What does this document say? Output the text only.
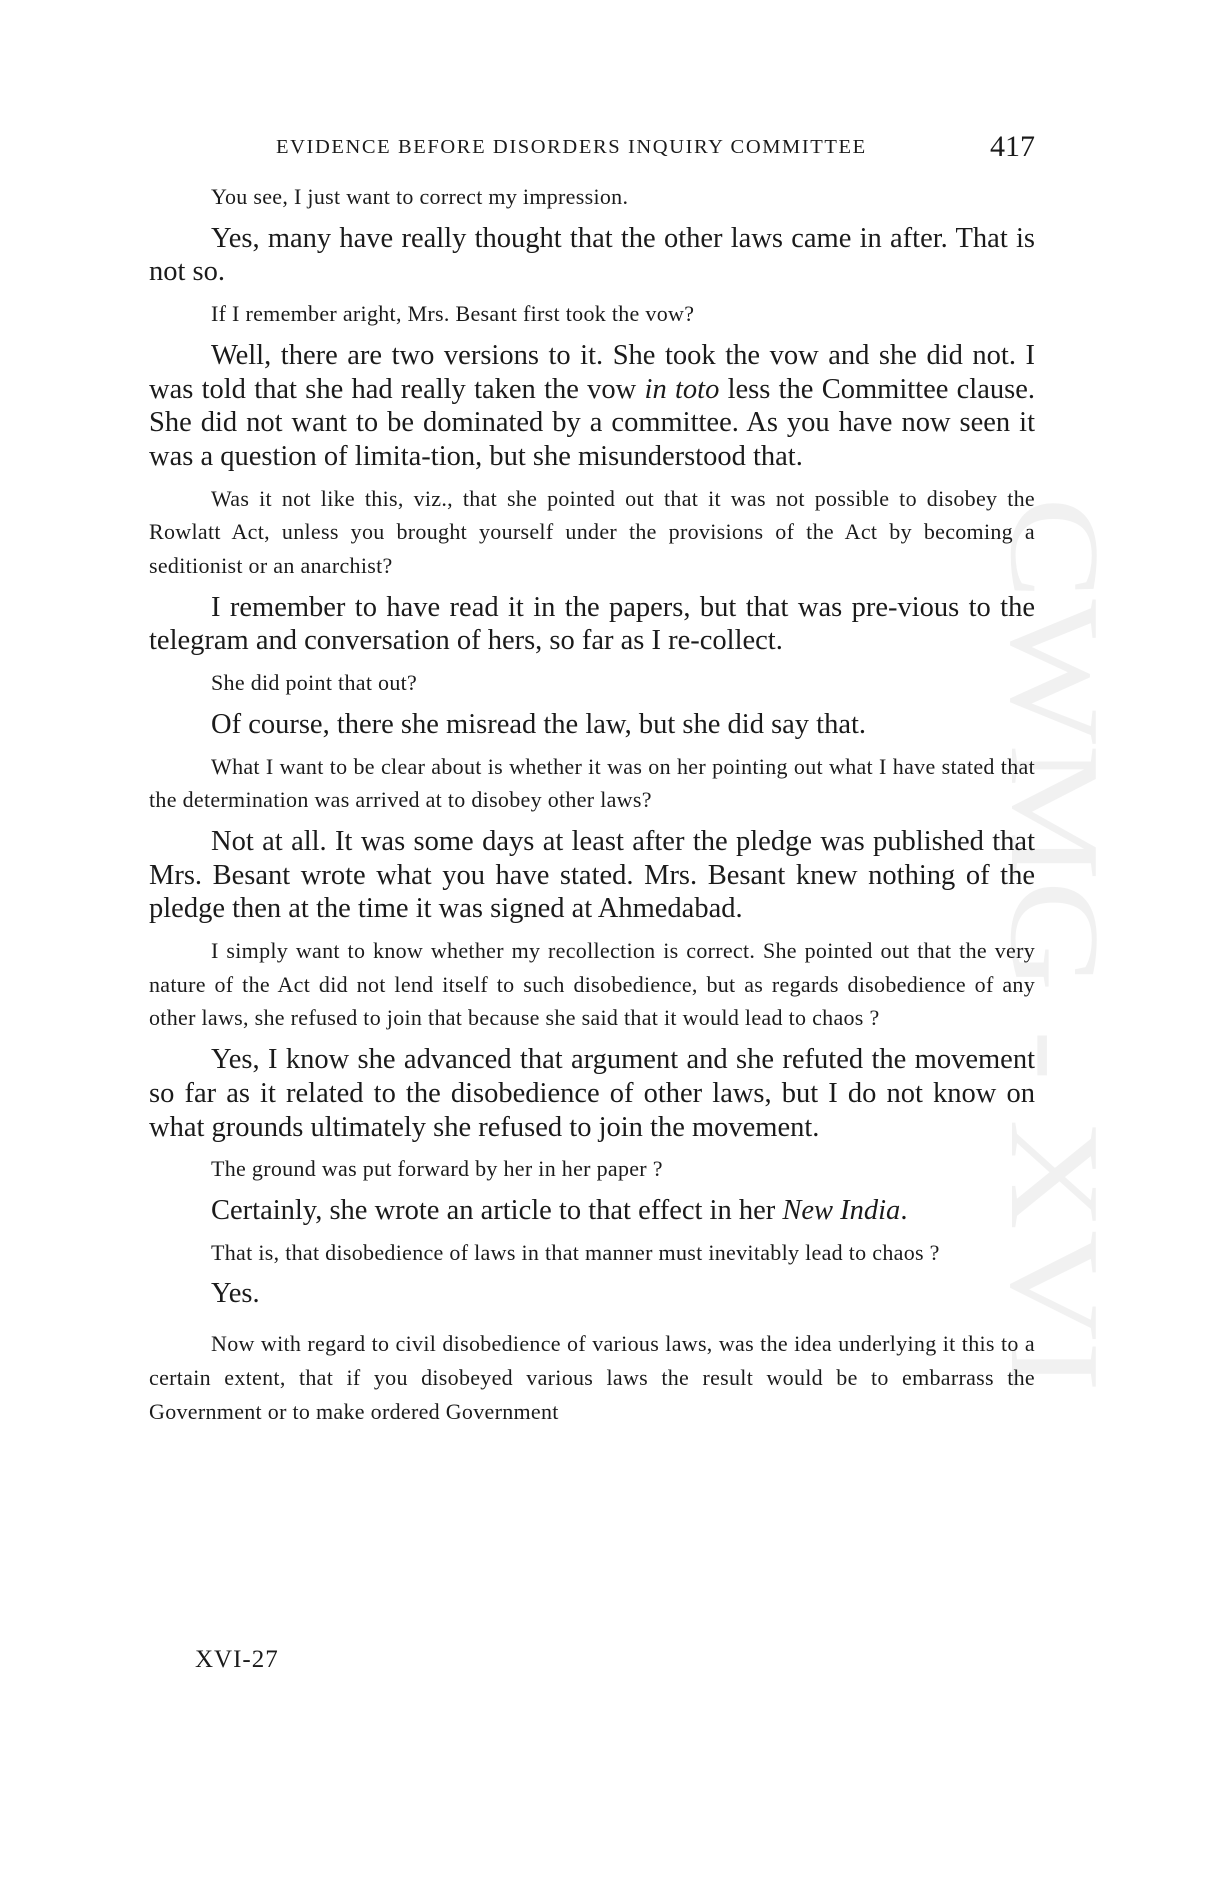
CWMG - XVI
EVIDENCE BEFORE DISORDERS INQUIRY COMMITTEE	417

You see, I just want to correct my impression.

Yes, many have really thought that the other laws came in after. That is not so.

If I remember aright, Mrs. Besant first took the vow?

Well, there are two versions to it. She took the vow and she did not. I was told that she had really taken the vow in toto less the Committee clause. She did not want to be dominated by a committee. As you have now seen it was a question of limita-tion, but she misunderstood that.

Was it not like this, viz., that she pointed out that it was not possible to disobey the Rowlatt Act, unless you brought yourself under the provisions of the Act by becoming a seditionist or an anarchist?

I remember to have read it in the papers, but that was pre-vious to the telegram and conversation of hers, so far as I re-collect.

She did point that out?

Of course, there she misread the law, but she did say that.

What I want to be clear about is whether it was on her pointing out what I have stated that the determination was arrived at to disobey other laws?

Not at all. It was some days at least after the pledge was published that Mrs. Besant wrote what you have stated. Mrs. Besant knew nothing of the pledge then at the time it was signed at Ahmedabad.

I simply want to know whether my recollection is correct. She pointed out that the very nature of the Act did not lend itself to such disobedience, but as regards disobedience of any other laws, she refused to join that because she said that it would lead to chaos ?

Yes, I know she advanced that argument and she refuted the movement so far as it related to the disobedience of other laws, but I do not know on what grounds ultimately she refused to join the movement.

The ground was put forward by her in her paper ?

Certainly, she wrote an article to that effect in her New India.

That is, that disobedience of laws in that manner must inevitably lead to chaos ?

Yes.

Now with regard to civil disobedience of various laws, was the idea underlying it this to a certain extent, that if you disobeyed various laws the result would be to embarrass the Government or to make ordered Government

XVI-27
